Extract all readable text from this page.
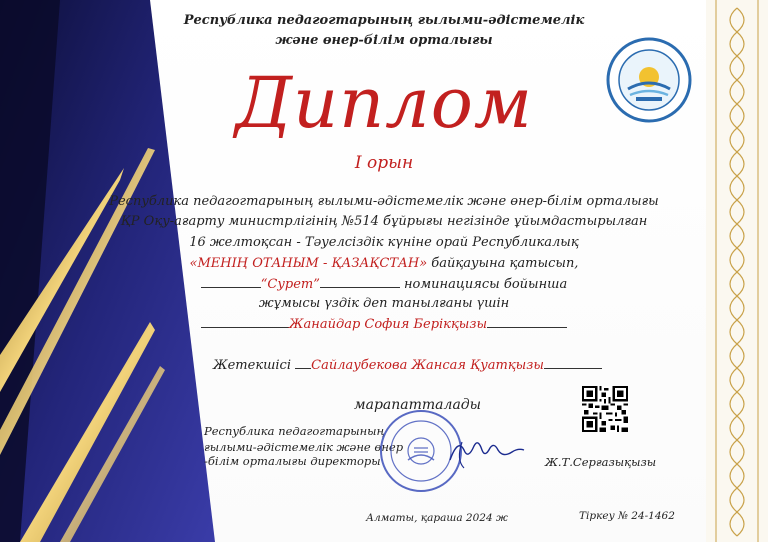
Республика педагогтарының ғылыми-әдістемелік
және өнер-білім орталығы
Диплом
І орын
Республика педагогтарының ғылыми-әдістемелік және өнер-білім орталығы
ҚР Оқу-ағарту министрлігінің №514 бұйрығы негізінде ұйымдастырылған
16 желтоқсан - Тәуелсіздік күніне орай Республикалық
«МЕНІҢ ОТАНЫМ - ҚАЗАҚСТАН» байқауына қатысып,
“Сурет”	номинациясы бойынша
жұмысы үздік деп танылғаны үшін
Жанайдар София Берікқызы
Жетекшісі Сайлаубекова Жансая Қуатқызы
марапатталады
Республика педагогтарының
ғылыми-әдістемелік және өнер
-білім орталығы директоры	Ж.Т.Серғазықызы
Алматы, қараша 2024 ж	Тіркеу № 24-1462
